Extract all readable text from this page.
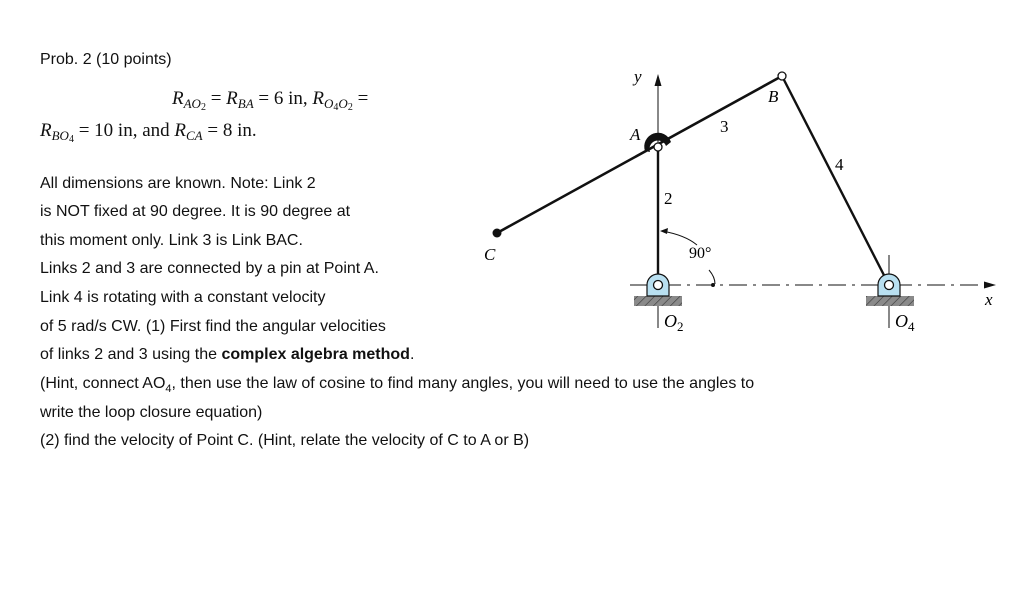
Prob. 2 (10 points)
$R_{AO_2} = R_{BA} = 6$ in, $R_{O_4O_2}$ =
$R_{BO_4} = 10$ in, and $R_{CA} = 8$ in.
All dimensions are known. Note: Link 2
is NOT fixed at 90 degree. It is 90 degree at
this moment only. Link 3 is Link BAC.
Links 2 and 3 are connected by a pin at Point A.
Link 4 is rotating with a constant velocity
of 5 rad/s CW. (1) First find the angular velocities
of links 2 and 3 using the complex algebra method.
(Hint, connect $AO_4$, then use the law of cosine to find many angles, you will need to use the angles to
write the loop closure equation)
(2) find the velocity of Point C. (Hint, relate the velocity of C to A or B)
y
x
A
B
C
2
3
4
90°
$O_2$	$O_4$
